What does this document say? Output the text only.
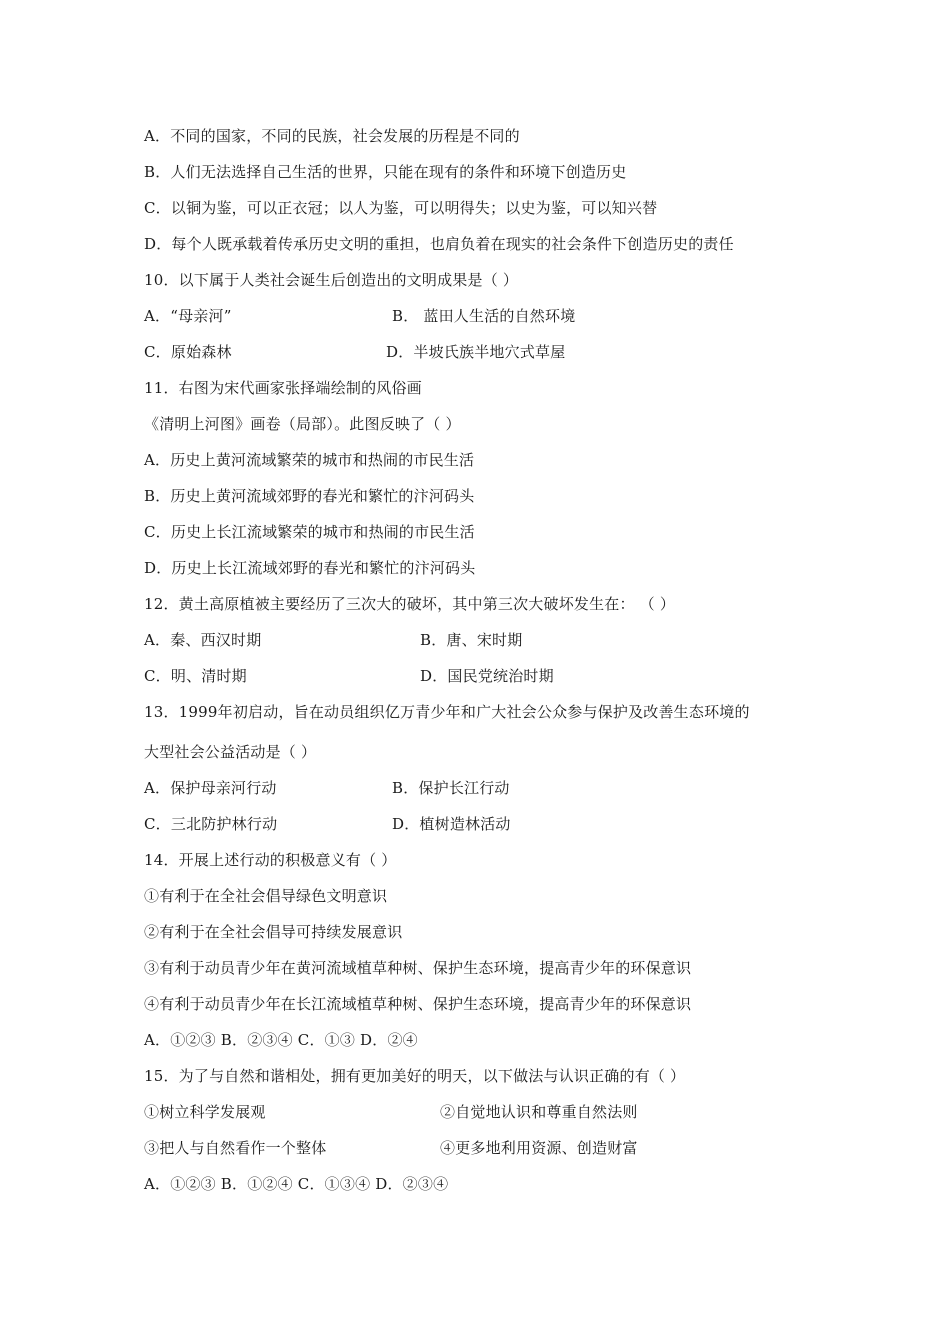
A．不同的国家，不同的民族，社会发展的历程是不同的
B．人们无法选择自己生活的世界，只能在现有的条件和环境下创造历史
C．以铜为鉴，可以正衣冠；以人为鉴，可以明得失；以史为鉴，可以知兴替
D．每个人既承载着传承历史文明的重担，也肩负着在现实的社会条件下创造历史的责任
10．以下属于人类社会诞生后创造出的文明成果是（ ）
A．“母亲河”	B． 蓝田人生活的自然环境
C．原始森林	D．半坡氏族半地穴式草屋
11．右图为宋代画家张择端绘制的风俗画
《清明上河图》画卷（局部）。此图反映了（ ）
A．历史上黄河流域繁荣的城市和热闹的市民生活
B．历史上黄河流域郊野的春光和繁忙的汴河码头
C．历史上长江流域繁荣的城市和热闹的市民生活
D．历史上长江流域郊野的春光和繁忙的汴河码头
12．黄土高原植被主要经历了三次大的破坏，其中第三次大破坏发生在： （ ）
A．秦、西汉时期	B．唐、宋时期
C．明、清时期	D．国民党统治时期
13．1999年初启动，旨在动员组织亿万青少年和广大社会公众参与保护及改善生态环境的
大型社会公益活动是（ ）
A．保护母亲河行动	B．保护长江行动
C．三北防护林行动	D．植树造林活动
14．开展上述行动的积极意义有（ ）
①有利于在全社会倡导绿色文明意识
②有利于在全社会倡导可持续发展意识
③有利于动员青少年在黄河流域植草种树、保护生态环境，提高青少年的环保意识
④有利于动员青少年在长江流域植草种树、保护生态环境，提高青少年的环保意识
A．①②③ B．②③④ C．①③ D．②④
15．为了与自然和谐相处，拥有更加美好的明天，以下做法与认识正确的有（ ）
①树立科学发展观	②自觉地认识和尊重自然法则
③把人与自然看作一个整体	④更多地利用资源、创造财富
A．①②③ B．①②④ C．①③④ D．②③④
